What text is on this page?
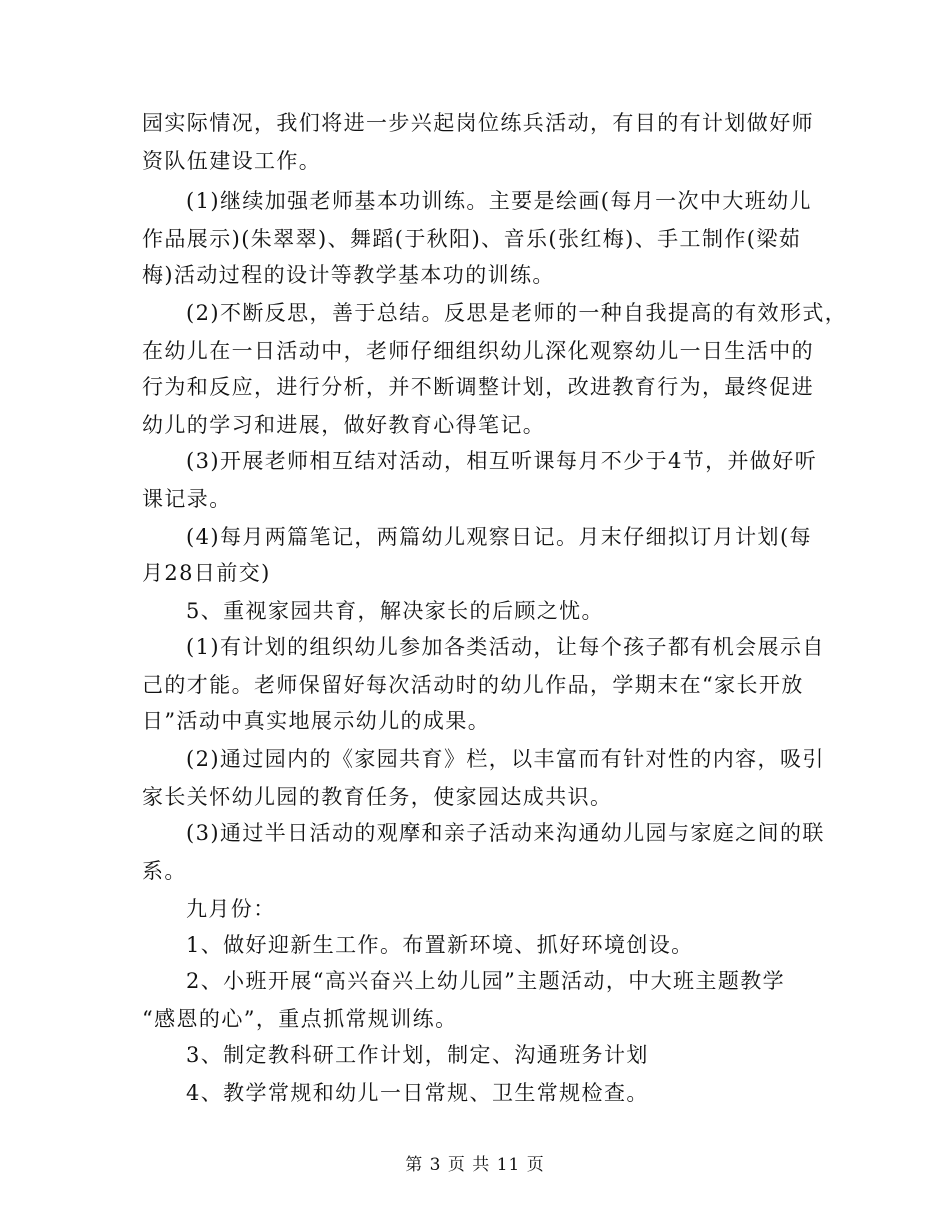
园实际情况，我们将进一步兴起岗位练兵活动，有目的有计划做好师
资队伍建设工作。
(1)继续加强老师基本功训练。主要是绘画(每月一次中大班幼儿
作品展示)(朱翠翠)、舞蹈(于秋阳)、音乐(张红梅)、手工制作(梁茹
梅)活动过程的设计等教学基本功的训练。
(2)不断反思，善于总结。反思是老师的一种自我提高的有效形式，
在幼儿在一日活动中，老师仔细组织幼儿深化观察幼儿一日生活中的
行为和反应，进行分析，并不断调整计划，改进教育行为，最终促进
幼儿的学习和进展，做好教育心得笔记。
(3)开展老师相互结对活动，相互听课每月不少于4节，并做好听
课记录。
(4)每月两篇笔记，两篇幼儿观察日记。月末仔细拟订月计划(每
月28日前交)
5、重视家园共育，解决家长的后顾之忧。
(1)有计划的组织幼儿参加各类活动，让每个孩子都有机会展示自
己的才能。老师保留好每次活动时的幼儿作品，学期末在“家长开放
日”活动中真实地展示幼儿的成果。
(2)通过园内的《家园共育》栏，以丰富而有针对性的内容，吸引
家长关怀幼儿园的教育任务，使家园达成共识。
(3)通过半日活动的观摩和亲子活动来沟通幼儿园与家庭之间的联
系。
九月份：
1、做好迎新生工作。布置新环境、抓好环境创设。
2、小班开展“高兴奋兴上幼儿园”主题活动，中大班主题教学
“感恩的心”，重点抓常规训练。
3、制定教科研工作计划，制定、沟通班务计划
4、教学常规和幼儿一日常规、卫生常规检查。
第 3 页 共 11 页
